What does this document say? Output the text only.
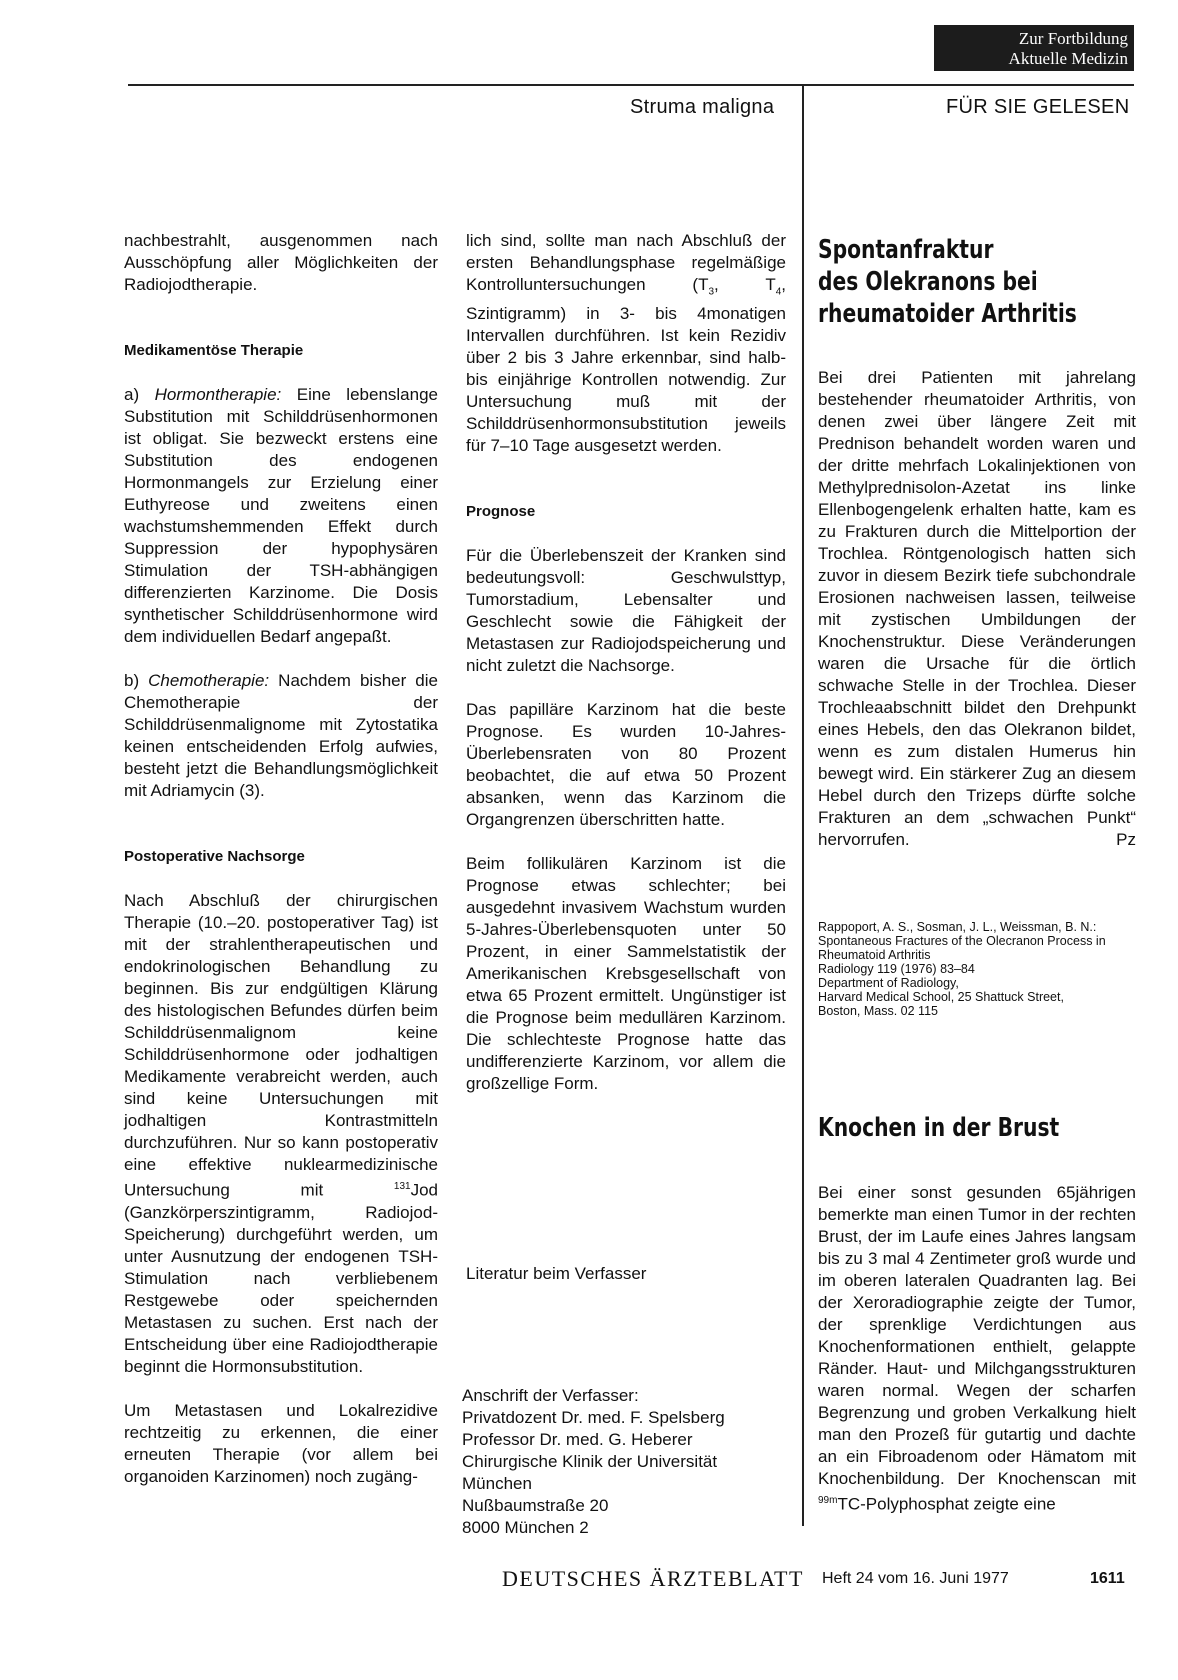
Zur Fortbildung
Aktuelle Medizin
Struma maligna	FÜR SIE GELESEN

nachbestrahlt, ausgenommen nach Ausschöpfung aller Möglichkeiten der Radiojodtherapie.

Medikamentöse Therapie

a) Hormontherapie: Eine lebenslange Substitution mit Schilddrüsenhormonen ist obligat. Sie bezweckt erstens eine Substitution des endogenen Hormonmangels zur Erzielung einer Euthyreose und zweitens einen wachstumshemmenden Effekt durch Suppression der hypophysären Stimulation der TSH-abhängigen differenzierten Karzinome. Die Dosis synthetischer Schilddrüsenhormone wird dem individuellen Bedarf angepaßt.

b) Chemotherapie: Nachdem bisher die Chemotherapie der Schilddrüsenmalignome mit Zytostatika keinen entscheidenden Erfolg aufwies, besteht jetzt die Behandlungsmöglichkeit mit Adriamycin (3).

Postoperative Nachsorge

Nach Abschluß der chirurgischen Therapie (10.–20. postoperativer Tag) ist mit der strahlentherapeutischen und endokrinologischen Behandlung zu beginnen. Bis zur endgültigen Klärung des histologischen Befundes dürfen beim Schilddrüsenmalignom keine Schilddrüsenhormone oder jodhaltigen Medikamente verabreicht werden, auch sind keine Untersuchungen mit jodhaltigen Kontrastmitteln durchzuführen. Nur so kann postoperativ eine effektive nuklearmedizinische Untersuchung mit $^{131}$Jod (Ganzkörperszintigramm, Radiojod-Speicherung) durchgeführt werden, um unter Ausnutzung der endogenen TSH-Stimulation nach verbliebenem Restgewebe oder speichernden Metastasen zu suchen. Erst nach der Entscheidung über eine Radiojodtherapie beginnt die Hormonsubstitution.

Um Metastasen und Lokalrezidive rechtzeitig zu erkennen, die einer erneuten Therapie (vor allem bei organoiden Karzinomen) noch zugäng-

lich sind, sollte man nach Abschluß der ersten Behandlungsphase regelmäßige Kontrolluntersuchungen ($T_3$, $T_4$, Szintigramm) in 3- bis 4monatigen Intervallen durchführen. Ist kein Rezidiv über 2 bis 3 Jahre erkennbar, sind halb- bis einjährige Kontrollen notwendig. Zur Untersuchung muß mit der Schilddrüsenhormonsubstitution jeweils für 7–10 Tage ausgesetzt werden.

Prognose

Für die Überlebenszeit der Kranken sind bedeutungsvoll: Geschwulsttyp, Tumorstadium, Lebensalter und Geschlecht sowie die Fähigkeit der Metastasen zur Radiojodspeicherung und nicht zuletzt die Nachsorge.

Das papilläre Karzinom hat die beste Prognose. Es wurden 10-Jahres-Überlebensraten von 80 Prozent beobachtet, die auf etwa 50 Prozent absanken, wenn das Karzinom die Organgrenzen überschritten hatte.

Beim follikulären Karzinom ist die Prognose etwas schlechter; bei ausgedehnt invasivem Wachstum wurden 5-Jahres-Überlebensquoten unter 50 Prozent, in einer Sammelstatistik der Amerikanischen Krebsgesellschaft von etwa 65 Prozent ermittelt. Ungünstiger ist die Prognose beim medullären Karzinom. Die schlechteste Prognose hatte das undifferenzierte Karzinom, vor allem die großzellige Form.

Literatur beim Verfasser
Anschrift der Verfasser:
Privatdozent Dr. med. F. Spelsberg
Professor Dr. med. G. Heberer
Chirurgische Klinik der Universität
München
Nußbaumstraße 20
8000 München 2
Spontanfraktur
des Olekranons bei
rheumatoider Arthritis

Bei drei Patienten mit jahrelang bestehender rheumatoider Arthritis, von denen zwei über längere Zeit mit Prednison behandelt worden waren und der dritte mehrfach Lokalinjektionen von Methylprednisolon-Azetat ins linke Ellenbogengelenk erhalten hatte, kam es zu Frakturen durch die Mittelportion der Trochlea. Röntgenologisch hatten sich zuvor in diesem Bezirk tiefe subchondrale Erosionen nachweisen lassen, teilweise mit zystischen Umbildungen der Knochenstruktur. Diese Veränderungen waren die Ursache für die örtlich schwache Stelle in der Trochlea. Dieser Trochleaabschnitt bildet den Drehpunkt eines Hebels, den das Olekranon bildet, wenn es zum distalen Humerus hin bewegt wird. Ein stärkerer Zug an diesem Hebel durch den Trizeps dürfte solche Frakturen an dem „schwachen Punkt“ hervorrufen.	Pz

Rappoport, A. S., Sosman, J. L., Weissman, B. N.:

Spontaneous Fractures of the Olecranon Process in Rheumatoid Arthritis

Radiology 119 (1976) 83–84

Department of Radiology,

Harvard Medical School, 25 Shattuck Street,

Boston, Mass. 02 115

Knochen in der Brust

Bei einer sonst gesunden 65jährigen bemerkte man einen Tumor in der rechten Brust, der im Laufe eines Jahres langsam bis zu 3 mal 4 Zentimeter groß wurde und im oberen lateralen Quadranten lag. Bei der Xeroradiographie zeigte der Tumor, der sprenklige Verdichtungen aus Knochenformationen enthielt, gelappte Ränder. Haut- und Milchgangsstrukturen waren normal. Wegen der scharfen Begrenzung und groben Verkalkung hielt man den Prozeß für gutartig und dachte an ein Fibroadenom oder Hämatom mit Knochenbildung. Der Knochenscan mit $^{99m}$TC-Polyphosphat zeigte eine

DEUTSCHES ÄRZTEBLATT Heft 24 vom 16. Juni 1977	1611
